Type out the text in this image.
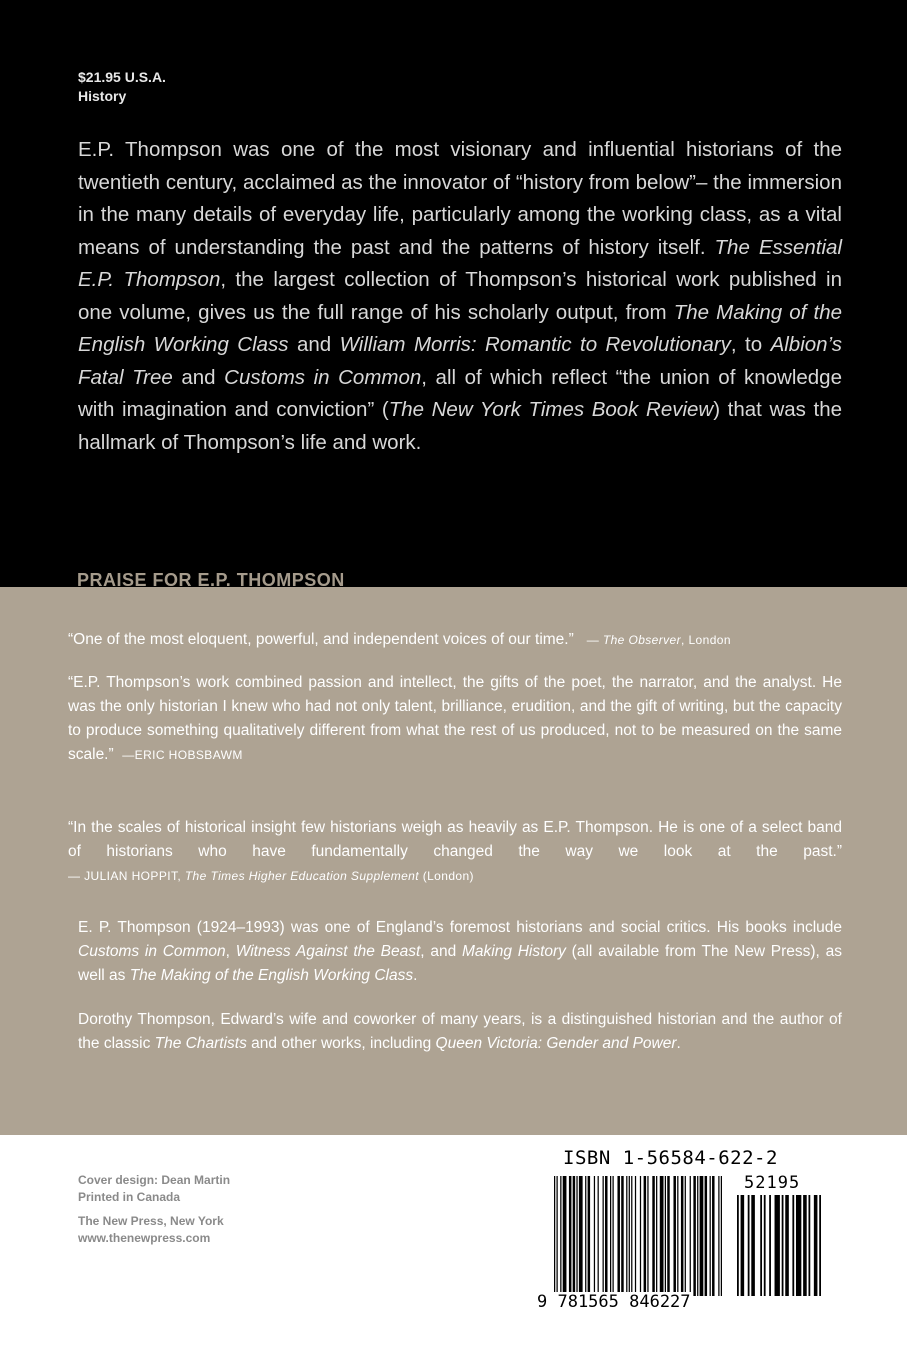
$21.95 U.S.A.
History
E.P. Thompson was one of the most visionary and influential historians of the twentieth century, acclaimed as the innovator of “history from below”– the immersion in the many details of everyday life, particularly among the working class, as a vital means of understanding the past and the patterns of history itself. The Essential E.P. Thompson, the largest collection of Thompson’s historical work published in one volume, gives us the full range of his scholarly output, from The Making of the English Working Class and William Morris: Romantic to Revolutionary, to Albion’s Fatal Tree and Customs in Common, all of which reflect “the union of knowledge with imagination and conviction” (The New York Times Book Review) that was the hallmark of Thompson’s life and work.
PRAISE FOR E.P. THOMPSON
“One of the most eloquent, powerful, and independent voices of our time.” — The Observer, London
“E.P. Thompson’s work combined passion and intellect, the gifts of the poet, the narrator, and the analyst. He was the only historian I knew who had not only talent, brilliance, erudition, and the gift of writing, but the capacity to produce something qualitatively different from what the rest of us produced, not to be measured on the same scale.” —ERIC HOBSBAWM
“In the scales of historical insight few historians weigh as heavily as E.P. Thompson. He is one of a select band of historians who have fundamentally changed the way we look at the past.”
— JULIAN HOPPIT, The Times Higher Education Supplement (London)
E. P. Thompson (1924–1993) was one of England’s foremost historians and social critics. His books include Customs in Common, Witness Against the Beast, and Making History (all available from The New Press), as well as The Making of the English Working Class.
Dorothy Thompson, Edward’s wife and coworker of many years, is a distinguished historian and the author of the classic The Chartists and other works, including Queen Victoria: Gender and Power.
Cover design: Dean Martin
Printed in Canada
The New Press, New York
www.thenewpress.com
ISBN 1-56584-622-2
52195
9 781565 846227
